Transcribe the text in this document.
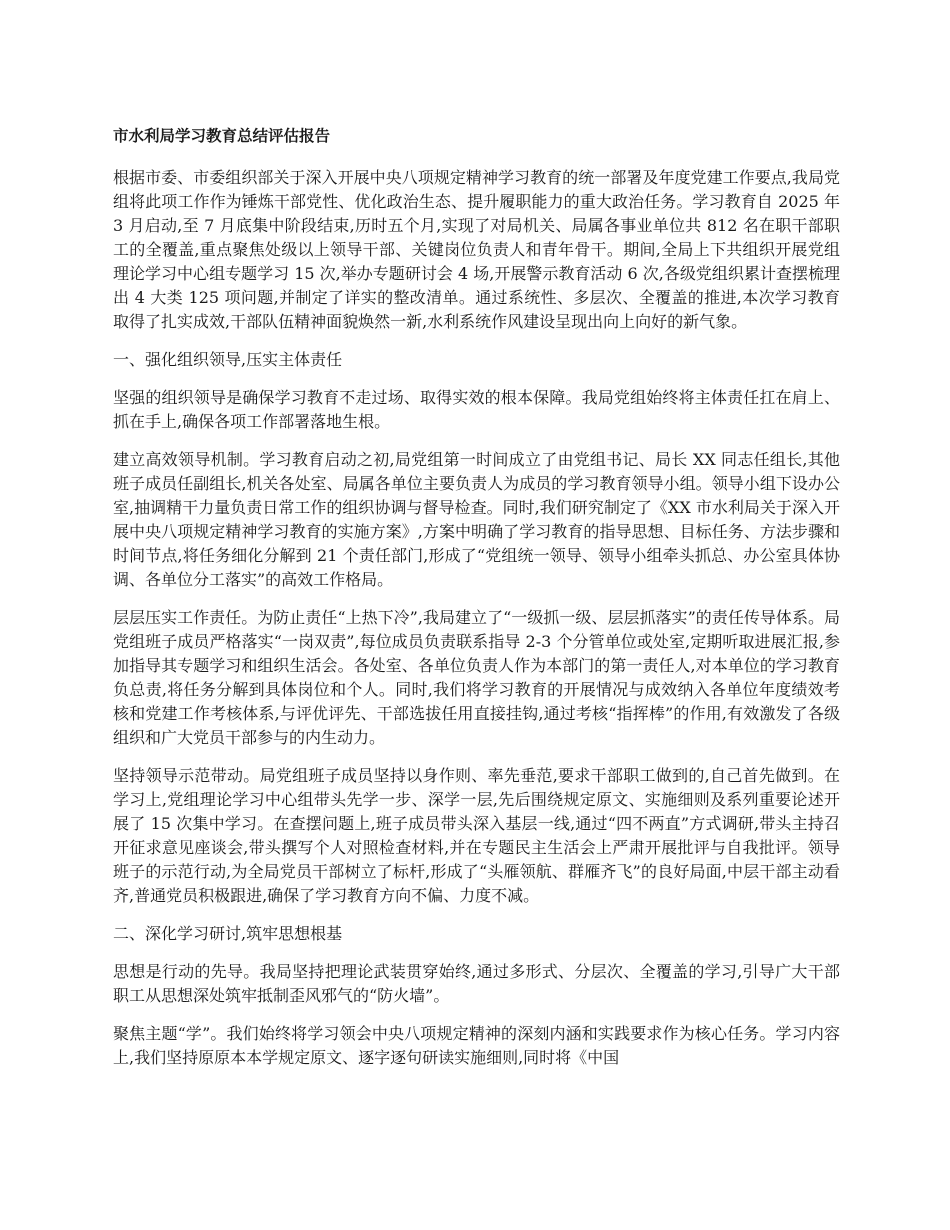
市水利局学习教育总结评估报告

根据市委、市委组织部关于深入开展中央八项规定精神学习教育的统一部署及年度党建工作要点,我局党组将此项工作作为锤炼干部党性、优化政治生态、提升履职能力的重大政治任务。学习教育自 2025 年 3 月启动,至 7 月底集中阶段结束,历时五个月,实现了对局机关、局属各事业单位共 812 名在职干部职工的全覆盖,重点聚焦处级以上领导干部、关键岗位负责人和青年骨干。期间,全局上下共组织开展党组理论学习中心组专题学习 15 次,举办专题研讨会 4 场,开展警示教育活动 6 次,各级党组织累计查摆梳理出 4 大类 125 项问题,并制定了详实的整改清单。通过系统性、多层次、全覆盖的推进,本次学习教育取得了扎实成效,干部队伍精神面貌焕然一新,水利系统作风建设呈现出向上向好的新气象。

一、强化组织领导,压实主体责任

坚强的组织领导是确保学习教育不走过场、取得实效的根本保障。我局党组始终将主体责任扛在肩上、抓在手上,确保各项工作部署落地生根。

建立高效领导机制。学习教育启动之初,局党组第一时间成立了由党组书记、局长 XX 同志任组长,其他班子成员任副组长,机关各处室、局属各单位主要负责人为成员的学习教育领导小组。领导小组下设办公室,抽调精干力量负责日常工作的组织协调与督导检查。同时,我们研究制定了《XX 市水利局关于深入开展中央八项规定精神学习教育的实施方案》,方案中明确了学习教育的指导思想、目标任务、方法步骤和时间节点,将任务细化分解到 21 个责任部门,形成了“党组统一领导、领导小组牵头抓总、办公室具体协调、各单位分工落实”的高效工作格局。

层层压实工作责任。为防止责任“上热下冷”,我局建立了“一级抓一级、层层抓落实”的责任传导体系。局党组班子成员严格落实“一岗双责”,每位成员负责联系指导 2-3 个分管单位或处室,定期听取进展汇报,参加指导其专题学习和组织生活会。各处室、各单位负责人作为本部门的第一责任人,对本单位的学习教育负总责,将任务分解到具体岗位和个人。同时,我们将学习教育的开展情况与成效纳入各单位年度绩效考核和党建工作考核体系,与评优评先、干部选拔任用直接挂钩,通过考核“指挥棒”的作用,有效激发了各级组织和广大党员干部参与的内生动力。

坚持领导示范带动。局党组班子成员坚持以身作则、率先垂范,要求干部职工做到的,自己首先做到。在学习上,党组理论学习中心组带头先学一步、深学一层,先后围绕规定原文、实施细则及系列重要论述开展了 15 次集中学习。在查摆问题上,班子成员带头深入基层一线,通过“四不两直”方式调研,带头主持召开征求意见座谈会,带头撰写个人对照检查材料,并在专题民主生活会上严肃开展批评与自我批评。领导班子的示范行动,为全局党员干部树立了标杆,形成了“头雁领航、群雁齐飞”的良好局面,中层干部主动看齐,普通党员积极跟进,确保了学习教育方向不偏、力度不减。

二、深化学习研讨,筑牢思想根基

思想是行动的先导。我局坚持把理论武装贯穿始终,通过多形式、分层次、全覆盖的学习,引导广大干部职工从思想深处筑牢抵制歪风邪气的“防火墙”。

聚焦主题“学”。我们始终将学习领会中央八项规定精神的深刻内涵和实践要求作为核心任务。学习内容上,我们坚持原原本本学规定原文、逐字逐句研读实施细则,同时将《中国
